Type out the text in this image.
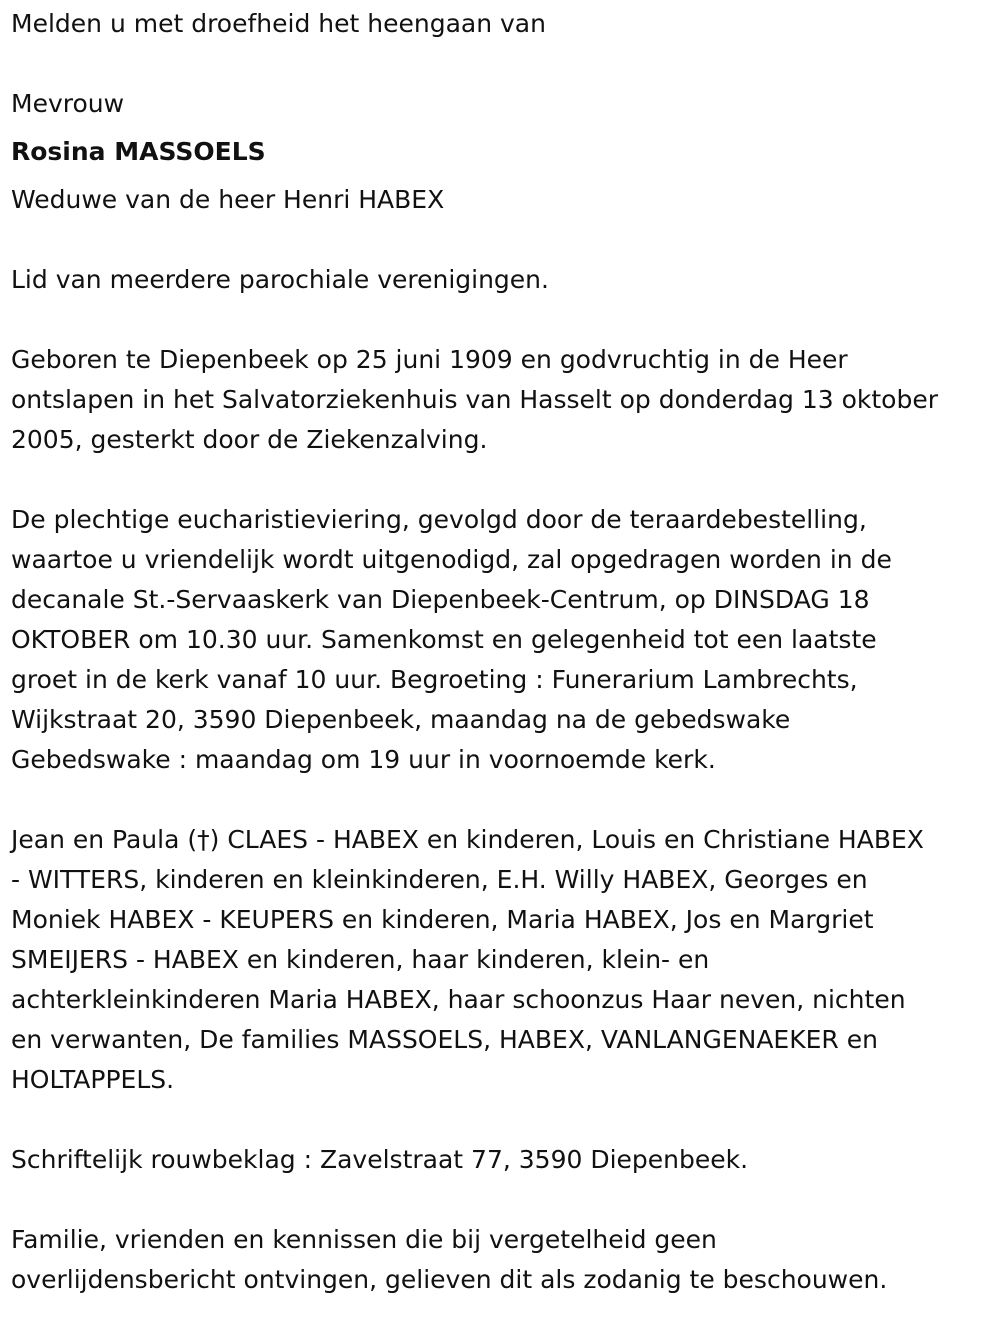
Melden u met droefheid het heengaan van
Mevrouw
Rosina MASSOELS
Weduwe van de heer Henri HABEX
Lid van meerdere parochiale verenigingen.
Geboren te Diepenbeek op 25 juni 1909 en godvruchtig in de Heer
ontslapen in het Salvatorziekenhuis van Hasselt op donderdag 13 oktober
2005, gesterkt door de Ziekenzalving.
De plechtige eucharistieviering, gevolgd door de teraardebestelling,
waartoe u vriendelijk wordt uitgenodigd, zal opgedragen worden in de
decanale St.-Servaaskerk van Diepenbeek-Centrum, op DINSDAG 18
OKTOBER om 10.30 uur. Samenkomst en gelegenheid tot een laatste
groet in de kerk vanaf 10 uur. Begroeting : Funerarium Lambrechts,
Wijkstraat 20, 3590 Diepenbeek, maandag na de gebedswake
Gebedswake : maandag om 19 uur in voornoemde kerk.
Jean en Paula (†) CLAES - HABEX en kinderen, Louis en Christiane HABEX
- WITTERS, kinderen en kleinkinderen, E.H. Willy HABEX, Georges en
Moniek HABEX - KEUPERS en kinderen, Maria HABEX, Jos en Margriet
SMEIJERS - HABEX en kinderen, haar kinderen, klein- en
achterkleinkinderen Maria HABEX, haar schoonzus Haar neven, nichten
en verwanten, De families MASSOELS, HABEX, VANLANGENAEKER en
HOLTAPPELS.
Schriftelijk rouwbeklag : Zavelstraat 77, 3590 Diepenbeek.
Familie, vrienden en kennissen die bij vergetelheid geen
overlijdensbericht ontvingen, gelieven dit als zodanig te beschouwen.
